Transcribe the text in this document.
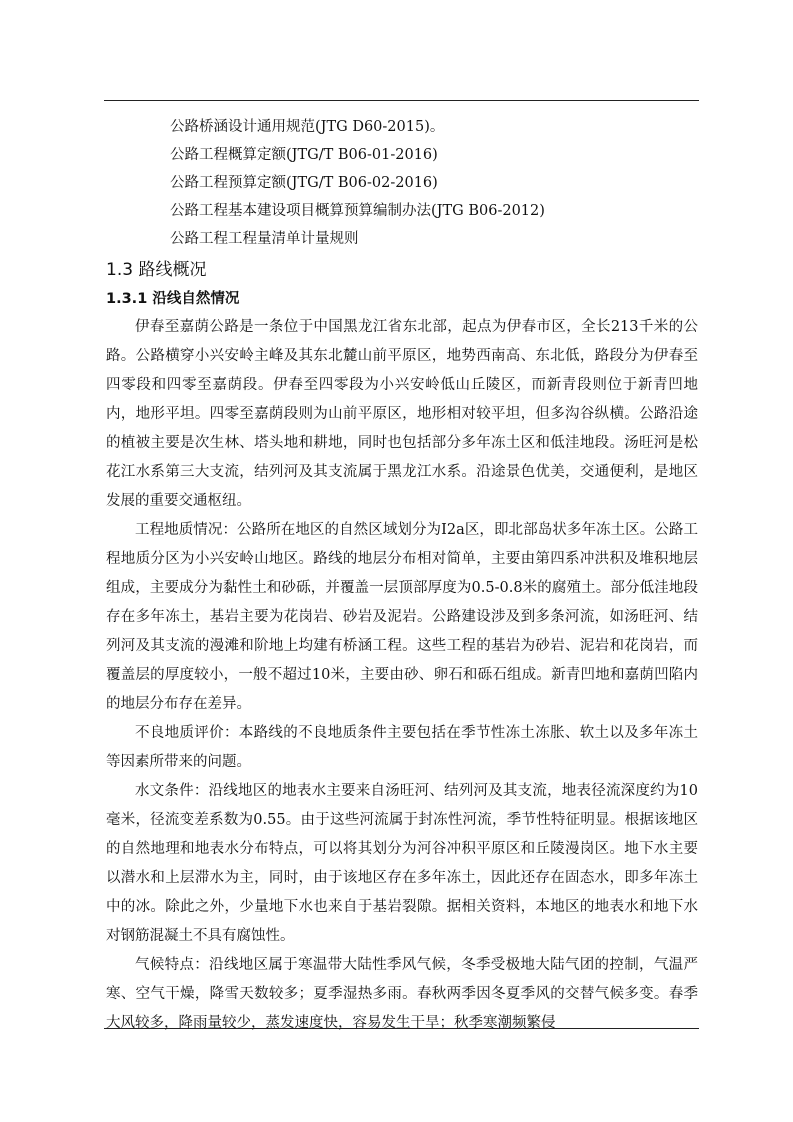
公路桥涵设计通用规范(JTG D60-2015)。
公路工程概算定额(JTG/T B06-01-2016)
公路工程预算定额(JTG/T B06-02-2016)
公路工程基本建设项目概算预算编制办法(JTG B06-2012)
公路工程工程量清单计量规则
1.3 路线概况
1.3.1 沿线自然情况

伊春至嘉荫公路是一条位于中国黑龙江省东北部，起点为伊春市区，全长213千米的公路。公路横穿小兴安岭主峰及其东北麓山前平原区，地势西南高、东北低，路段分为伊春至四零段和四零至嘉荫段。伊春至四零段为小兴安岭低山丘陵区，而新青段则位于新青凹地内，地形平坦。四零至嘉荫段则为山前平原区，地形相对较平坦，但多沟谷纵横。公路沿途的植被主要是次生林、塔头地和耕地，同时也包括部分多年冻土区和低洼地段。汤旺河是松花江水系第三大支流，结列河及其支流属于黑龙江水系。沿途景色优美，交通便利，是地区发展的重要交通枢纽。

工程地质情况：公路所在地区的自然区域划分为I2a区，即北部岛状多年冻土区。公路工程地质分区为小兴安岭山地区。路线的地层分布相对简单，主要由第四系冲洪积及堆积地层组成，主要成分为黏性土和砂砾，并覆盖一层顶部厚度为0.5-0.8米的腐殖土。部分低洼地段存在多年冻土，基岩主要为花岗岩、砂岩及泥岩。公路建设涉及到多条河流，如汤旺河、结列河及其支流的漫滩和阶地上均建有桥涵工程。这些工程的基岩为砂岩、泥岩和花岗岩，而覆盖层的厚度较小，一般不超过10米，主要由砂、卵石和砾石组成。新青凹地和嘉荫凹陷内的地层分布存在差异。

不良地质评价：本路线的不良地质条件主要包括在季节性冻土冻胀、软土以及多年冻土等因素所带来的问题。

水文条件：沿线地区的地表水主要来自汤旺河、结列河及其支流，地表径流深度约为10毫米，径流变差系数为0.55。由于这些河流属于封冻性河流，季节性特征明显。根据该地区的自然地理和地表水分布特点，可以将其划分为河谷冲积平原区和丘陵漫岗区。地下水主要以潜水和上层滞水为主，同时，由于该地区存在多年冻土，因此还存在固态水，即多年冻土中的冰。除此之外，少量地下水也来自于基岩裂隙。据相关资料，本地区的地表水和地下水对钢筋混凝土不具有腐蚀性。

气候特点：沿线地区属于寒温带大陆性季风气候，冬季受极地大陆气团的控制，气温严寒、空气干燥，降雪天数较多；夏季湿热多雨。春秋两季因冬夏季风的交替气候多变。春季大风较多，降雨量较少，蒸发速度快，容易发生干旱；秋季寒潮频繁侵
